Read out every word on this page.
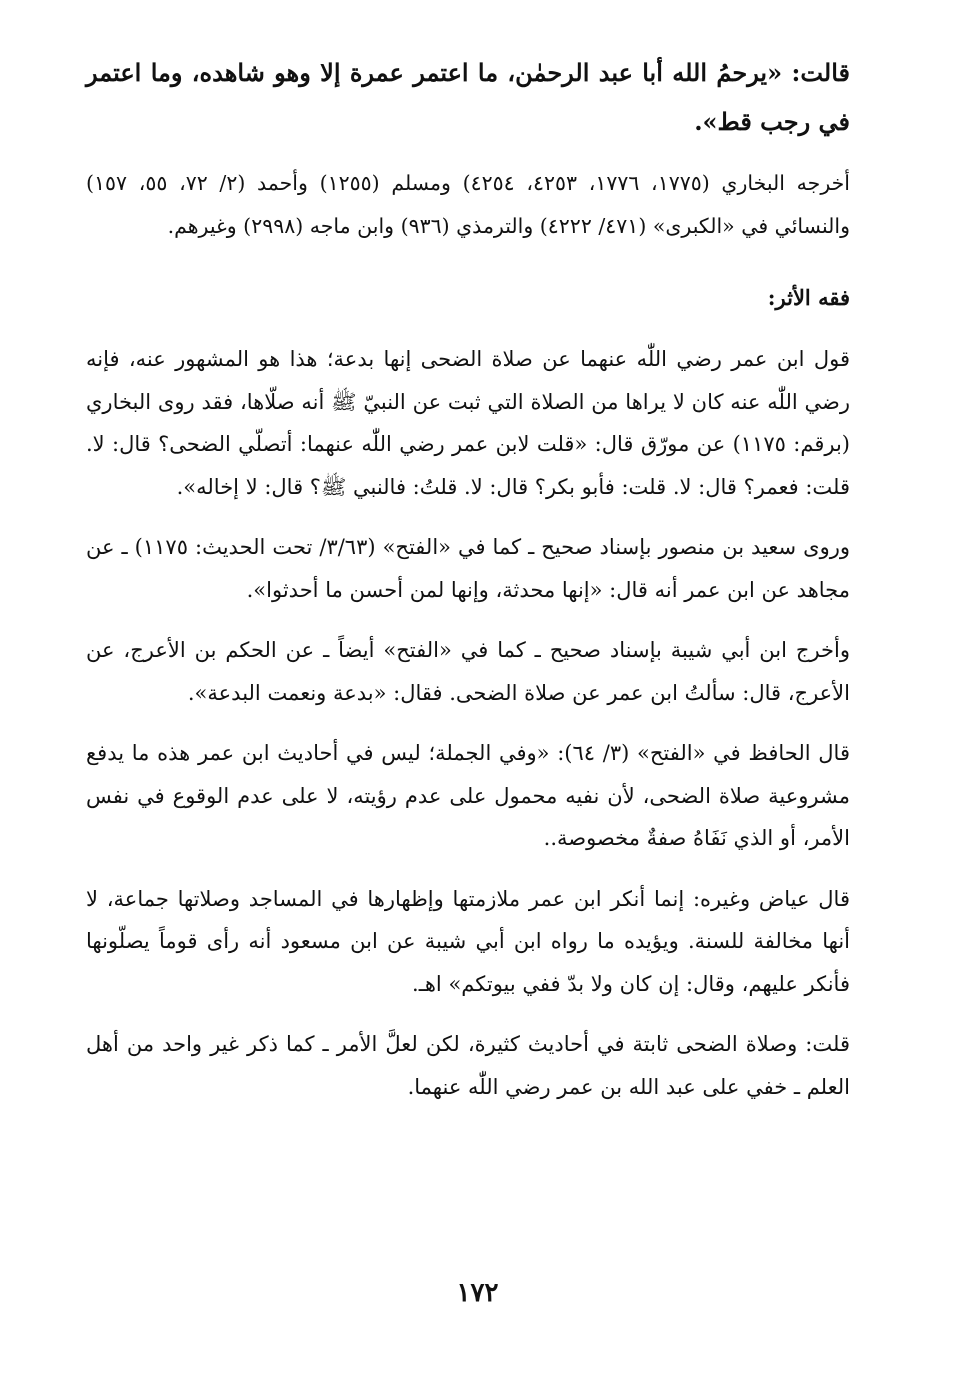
قالت: «يرحمُ الله أبا عبد الرحمٰن، ما اعتمر عمرة إلا وهو شاهده، وما اعتمر في رجب قط».

أخرجه البخاري (١٧٧٥، ١٧٧٦، ٤٢٥٣، ٤٢٥٤) ومسلم (١٢٥٥) وأحمد (٢/ ٧٢، ٥٥، ١٥٧) والنسائي في «الكبرى» (٤٧١/ ٤٢٢٢) والترمذي (٩٣٦) وابن ماجه (٢٩٩٨) وغيرهم.

فقه الأثر:

قول ابن عمر رضي اللّٰه عنهما عن صلاة الضحى إنها بدعة؛ هذا هو المشهور عنه، فإنه رضي اللّٰه عنه كان لا يراها من الصلاة التي ثبت عن النبيّ ﷺ أنه صلّاها، فقد روى البخاري (برقم: ١١٧٥) عن مورّق قال: «قلت لابن عمر رضي اللّٰه عنهما: أتصلّي الضحى؟ قال: لا. قلت: فعمر؟ قال: لا. قلت: فأبو بكر؟ قال: لا. قلتُ: فالنبي ﷺ؟ قال: لا إخاله».

وروى سعيد بن منصور بإسناد صحيح ـ كما في «الفتح» (٣/٦٣/ تحت الحديث: ١١٧٥) ـ عن مجاهد عن ابن عمر أنه قال: «إنها محدثة، وإنها لمن أحسن ما أحدثوا».

وأخرج ابن أبي شيبة بإسناد صحيح ـ كما في «الفتح» أيضاً ـ عن الحكم بن الأعرج، عن الأعرج، قال: سألتُ ابن عمر عن صلاة الضحى. فقال: «بدعة ونعمت البدعة».

قال الحافظ في «الفتح» (٣/ ٦٤): «وفي الجملة؛ ليس في أحاديث ابن عمر هذه ما يدفع مشروعية صلاة الضحى، لأن نفيه محمول على عدم رؤيته، لا على عدم الوقوع في نفس الأمر، أو الذي نَفَاهُ صفةٌ مخصوصة..

قال عياض وغيره: إنما أنكر ابن عمر ملازمتها وإظهارها في المساجد وصلاتها جماعة، لا أنها مخالفة للسنة. ويؤيده ما رواه ابن أبي شيبة عن ابن مسعود أنه رأى قوماً يصلّونها فأنكر عليهم، وقال: إن كان ولا بدّ ففي بيوتكم» اهـ.

قلت: وصلاة الضحى ثابتة في أحاديث كثيرة، لكن لعلَّ الأمر ـ كما ذكر غير واحد من أهل العلم ـ خفي على عبد الله بن عمر رضي اللّٰه عنهما.

١٧٢
